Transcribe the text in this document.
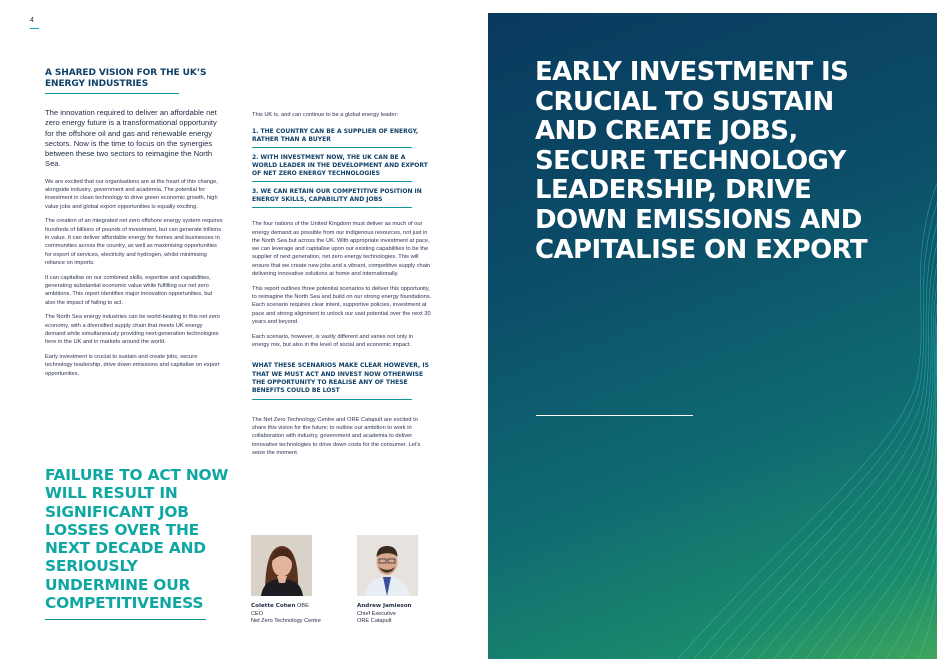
4
A SHARED VISION FOR THE UK’S ENERGY INDUSTRIES

The innovation required to deliver an affordable net zero energy future is a transformational opportunity for the offshore oil and gas and renewable energy sectors. Now is the time to focus on the synergies between these two sectors to reimagine the North Sea.

We are excited that our organisations are at the heart of this change, alongside industry, government and academia. The potential for investment in clean technology to drive green economic growth, high value jobs and global export opportunities is equally exciting.

The creation of an integrated net zero offshore energy system requires hundreds of billions of pounds of investment, but can generate trillions in value. It can deliver affordable energy for homes and businesses in communities across the country, as well as maximising opportunities for export of services, electricity and hydrogen, whilst minimising reliance on imports.

It can capitalise on our combined skills, expertise and capabilities, generating substantial economic value while fulfilling our net zero ambitions. This report identifies major innovation opportunities, but also the impact of failing to act.

The North Sea energy industries can be world-beating in this net zero economy, with a diversified supply chain that meets UK energy demand while simultaneously providing next-generation technologies here in the UK and in markets around the world.

Early investment is crucial to sustain and create jobs, secure technology leadership, drive down emissions and capitalise on export opportunities.

FAILURE TO ACT NOW WILL RESULT IN SIGNIFICANT JOB LOSSES OVER THE NEXT DECADE AND SERIOUSLY UNDERMINE OUR COMPETITIVENESS

This UK is, and can continue to be a global energy leader:

1. THE COUNTRY CAN BE A SUPPLIER OF ENERGY, RATHER THAN A BUYER

2. WITH INVESTMENT NOW, THE UK CAN BE A WORLD LEADER IN THE DEVELOPMENT AND EXPORT OF NET ZERO ENERGY TECHNOLOGIES

3. WE CAN RETAIN OUR COMPETITIVE POSITION IN ENERGY SKILLS, CAPABILITY AND JOBS

The four nations of the United Kingdom must deliver as much of our energy demand as possible from our indigenous resources, not just in the North Sea but across the UK. With appropriate investment at pace, we can leverage and capitalise upon our existing capabilities to be the supplier of next generation, net zero energy technologies. This will ensure that we create new jobs and a vibrant, competitive supply chain delivering innovative solutions at home and internationally.

This report outlines three potential scenarios to deliver this opportunity, to reimagine the North Sea and build on our strong energy foundations. Each scenario requires clear intent, supportive policies, investment at pace and strong alignment to unlock our vast potential over the next 30 years and beyond.

Each scenario, however, is vastly different and varies not only in energy mix, but also in the level of social and economic impact.

WHAT THESE SCENARIOS MAKE CLEAR HOWEVER, IS THAT WE MUST ACT AND INVEST NOW OTHERWISE THE OPPORTUNITY TO REALISE ANY OF THESE BENEFITS COULD BE LOST

The Net Zero Technology Centre and ORE Catapult are excited to share this vision for the future; to outline our ambition to work in collaboration with industry, government and academia to deliver innovative technologies to drive down costs for the consumer. Let’s seize the moment.

Colette Cohen OBE
CEO
Net Zero Technology Centre
Andrew Jamieson
Chief Executive
ORE Catapult
EARLY INVESTMENT IS CRUCIAL TO SUSTAIN AND CREATE JOBS, SECURE TECHNOLOGY LEADERSHIP, DRIVE DOWN EMISSIONS AND CAPITALISE ON EXPORT
